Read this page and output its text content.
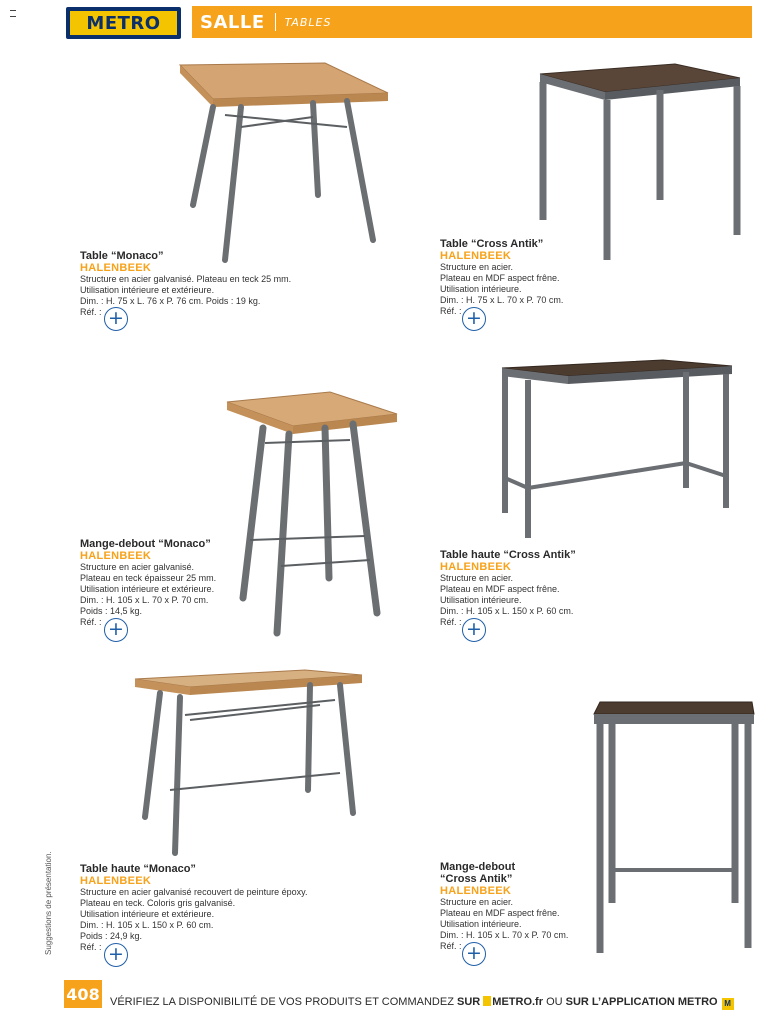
METRO SALLE TABLES
Table “Monaco”
HALENBEEK
Structure en acier galvanisé. Plateau en teck 25 mm.
Utilisation intérieure et extérieure.
Dim. : H. 75 x L. 76 x P. 76 cm. Poids : 19 kg.
Réf. : +
Table “Cross Antik”
HALENBEEK
Structure en acier.
Plateau en MDF aspect frêne.
Utilisation intérieure.
Dim. : H. 75 x L. 70 x P. 70 cm.
Réf. : +
Mange-debout “Monaco”
HALENBEEK
Structure en acier galvanisé.
Plateau en teck épaisseur 25 mm.
Utilisation intérieure et extérieure.
Dim. : H. 105 x L. 70 x P. 70 cm.
Poids : 14,5 kg.
Réf. : +
Table haute “Cross Antik”
HALENBEEK
Structure en acier.
Plateau en MDF aspect frêne.
Utilisation intérieure.
Dim. : H. 105 x L. 150 x P. 60 cm.
Réf. : +
Table haute “Monaco”
HALENBEEK
Structure en acier galvanisé recouvert de peinture époxy.
Plateau en teck. Coloris gris galvanisé.
Utilisation intérieure et extérieure.
Dim. : H. 105 x L. 150 x P. 60 cm.
Poids : 24,9 kg.
Réf. : +
Mange-debout
“Cross Antik”
HALENBEEK
Structure en acier.
Plateau en MDF aspect frêne.
Utilisation intérieure.
Dim. : H. 105 x L. 70 x P. 70 cm.
Réf. : +
Suggestions de présentation.
408 VÉRIFIEZ LA DISPONIBILITÉ DE VOS PRODUITS ET COMMANDEZ SUR METRO.fr OU SUR L’APPLICATION METRO M
